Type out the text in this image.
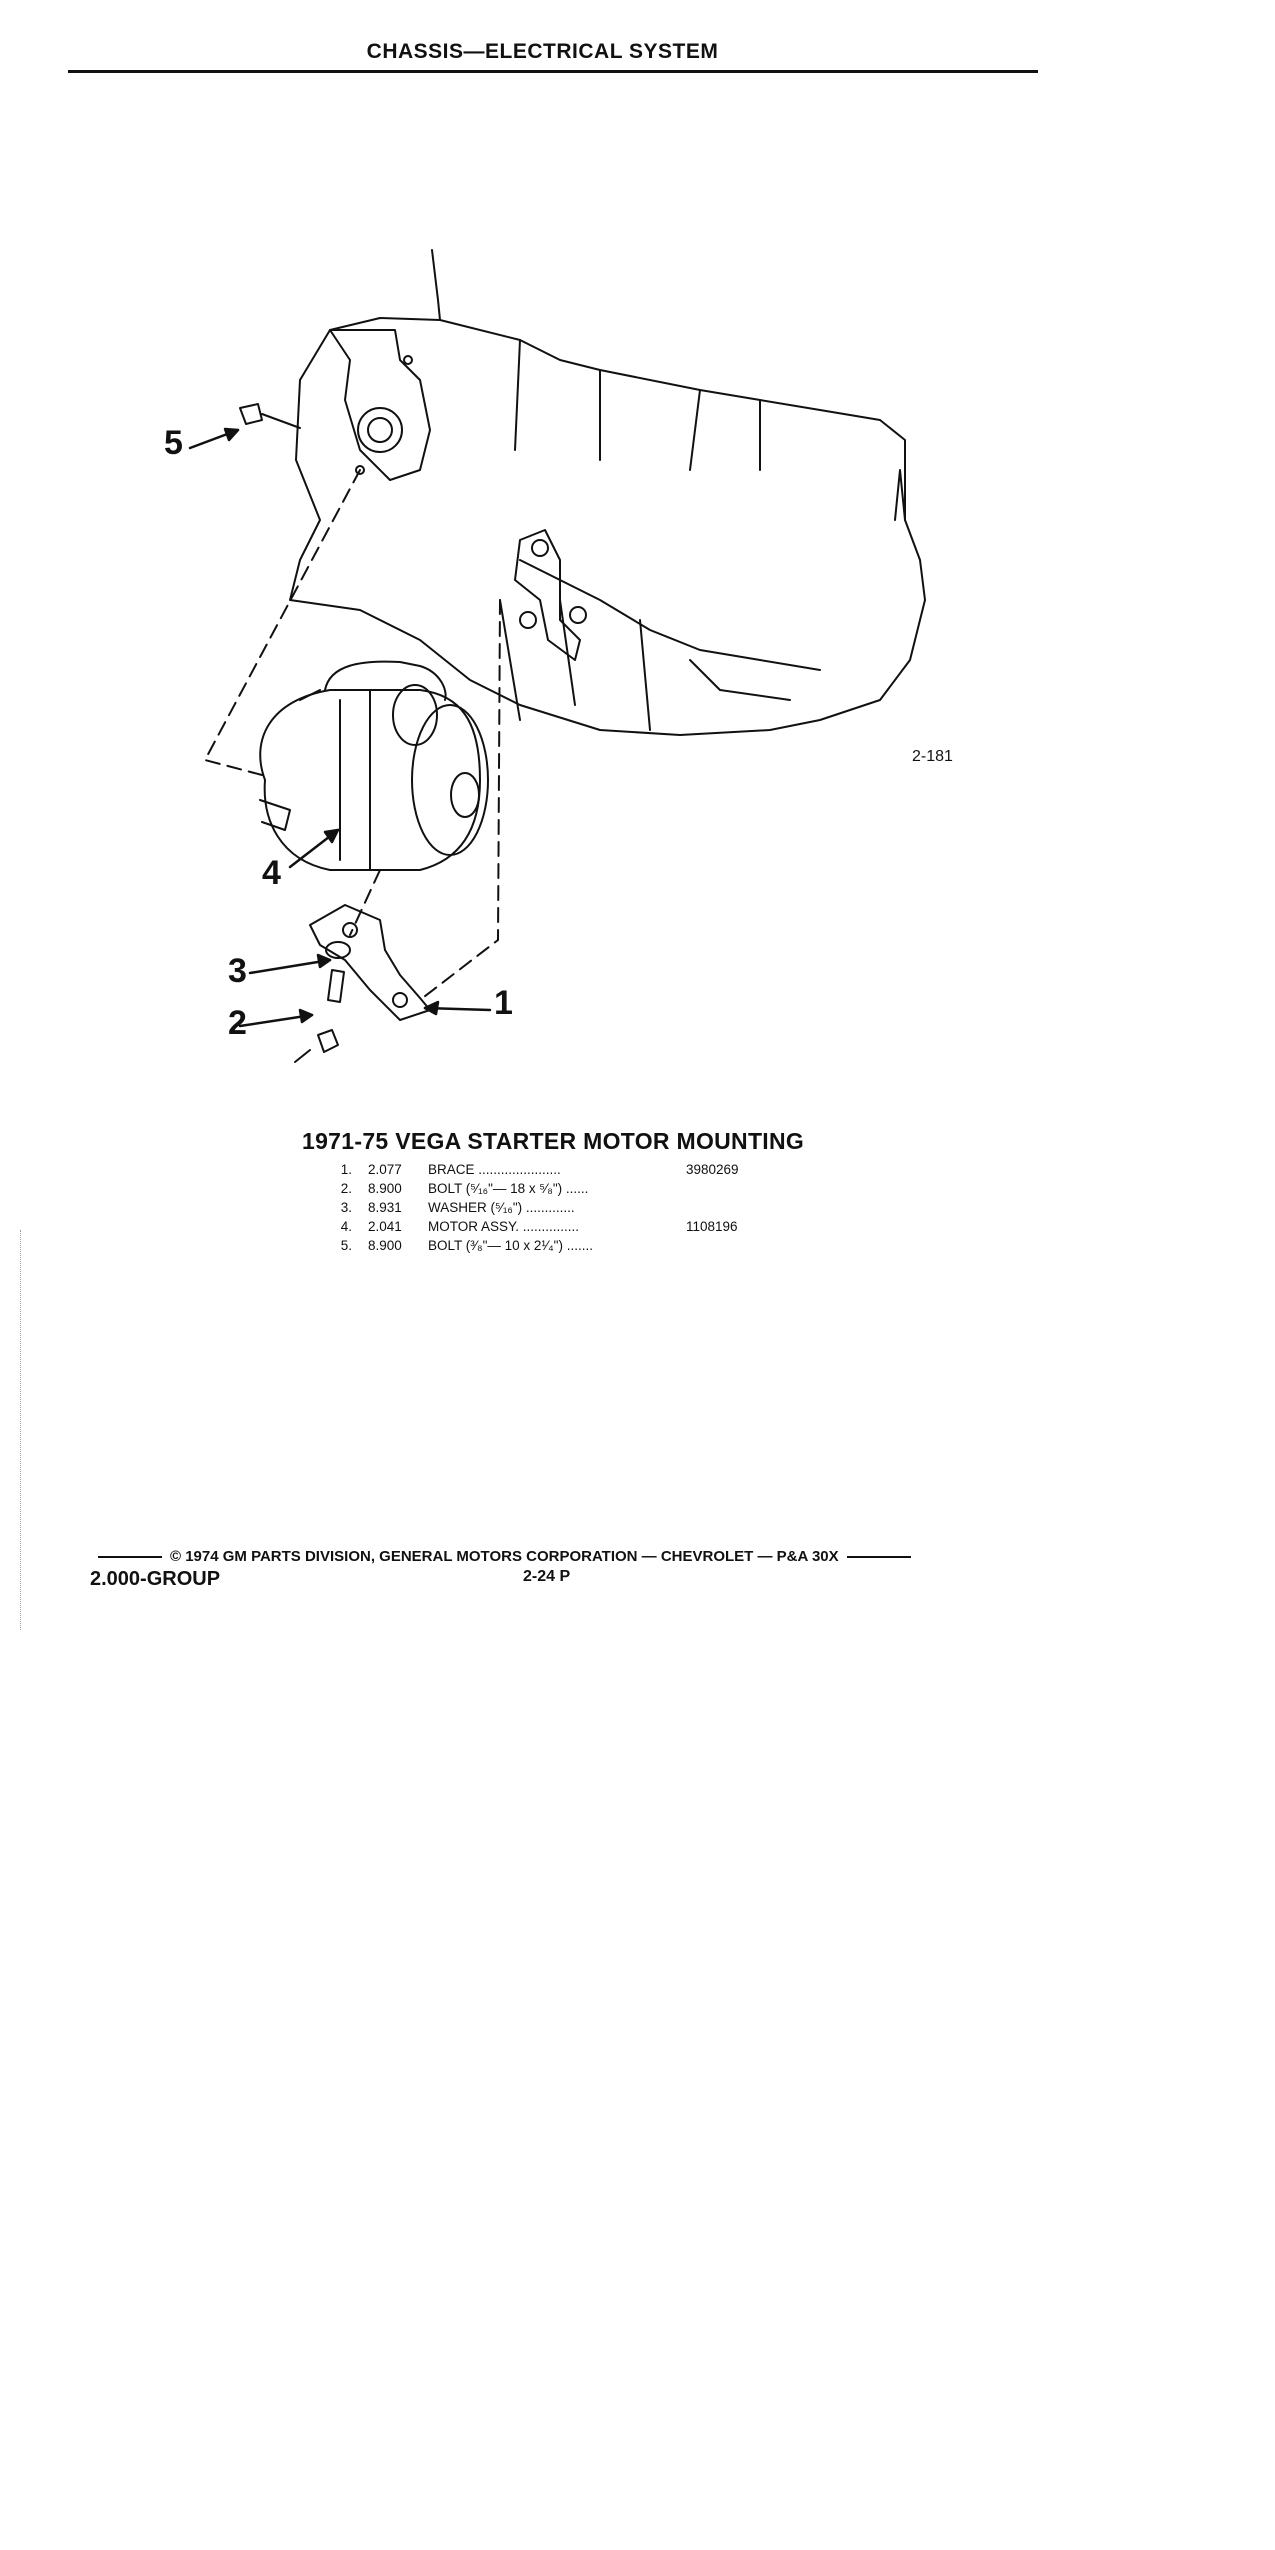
CHASSIS—ELECTRICAL SYSTEM
2-181
1
2
3
4
5
1971-75 VEGA STARTER MOTOR MOUNTING
1.	2.077	BRACE ......................	3980269
2.	8.900	BOLT (⁵⁄₁₆"— 18 x ⁵⁄₈") ......	
3.	8.931	WASHER (⁵⁄₁₆") .............	
4.	2.041	MOTOR ASSY. ...............	1108196
5.	8.900	BOLT (³⁄₈"— 10 x 2¹⁄₄") .......	
© 1974 GM PARTS DIVISION, GENERAL MOTORS CORPORATION — CHEVROLET — P&A 30X
2.000-GROUP	2-24 P
